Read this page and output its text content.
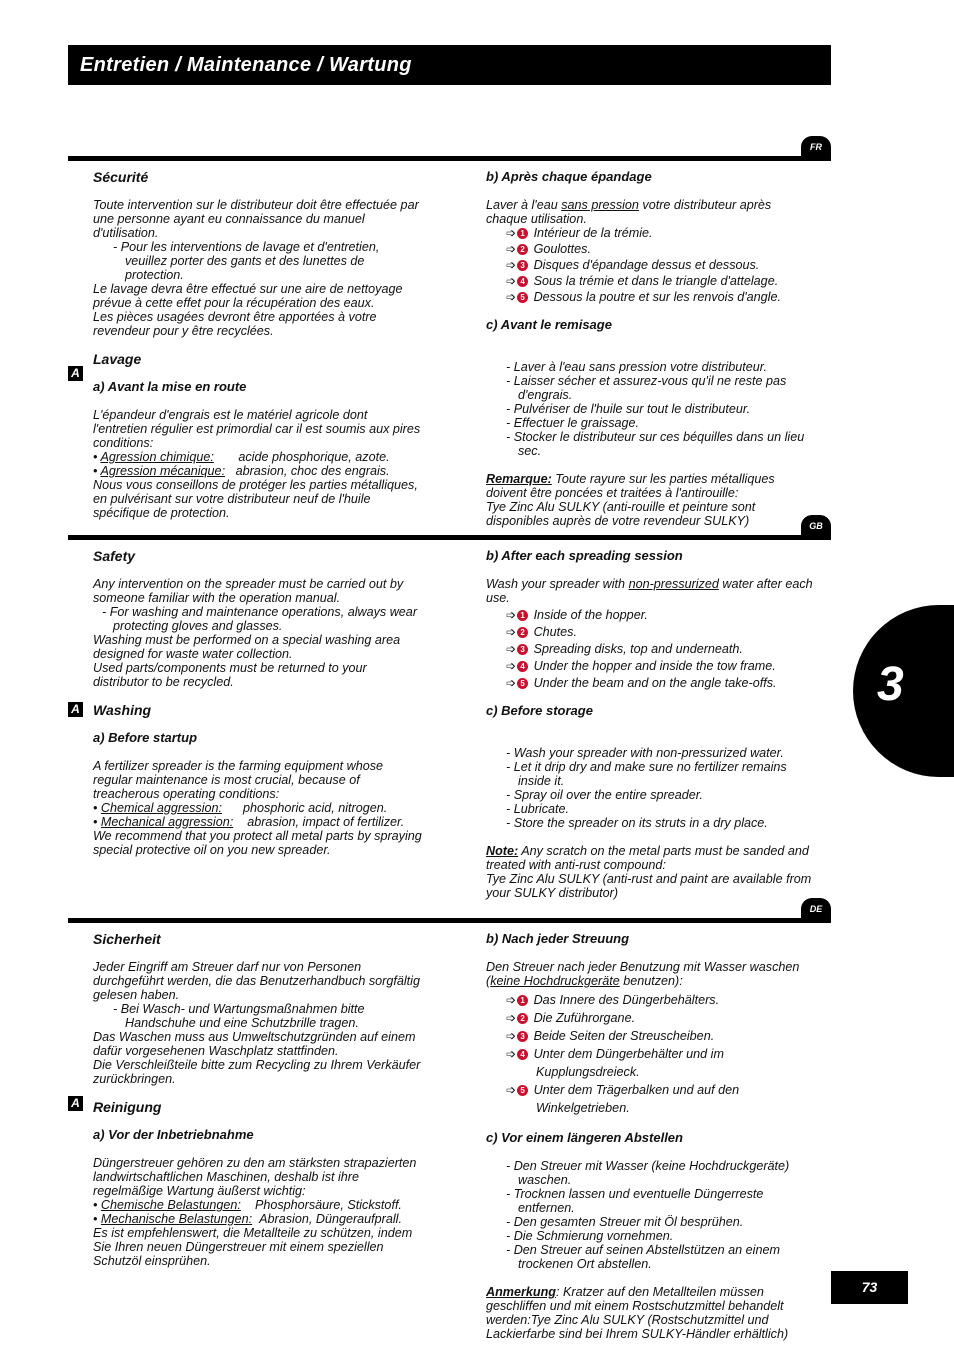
Entretien / Maintenance / Wartung
FR

Sécurité

Toute intervention sur le distributeur doit être effectuée par une personne ayant eu connaissance du manuel d'utilisation.

- Pour les interventions de lavage et d'entretien, veuillez porter des gants et des lunettes de protection.

Le lavage devra être effectué sur une aire de nettoyage prévue à cette effet pour la récupération des eaux.

Les pièces usagées devront être apportées à votre revendeur pour y être recyclées.

Lavage

a) Avant la mise en route

L'épandeur d'engrais est le matériel agricole dont l'entretien régulier est primordial car il est soumis aux pires conditions:

• Agression chimique: acide phosphorique, azote.

• Agression mécanique: abrasion, choc des engrais.

Nous vous conseillons de protéger les parties métalliques, en pulvérisant sur votre distributeur neuf de l'huile spécifique de protection.

A

b) Après chaque épandage

Laver à l'eau sans pression votre distributeur après chaque utilisation.

➩ 1 Intérieur de la trémie.

➩ 2 Goulottes.

➩ 3 Disques d'épandage dessus et dessous.

➩ 4 Sous la trémie et dans le triangle d'attelage.

➩ 5 Dessous la poutre et sur les renvois d'angle.

c) Avant le remisage

- Laver à l'eau sans pression votre distributeur.

- Laisser sécher et assurez-vous qu'il ne reste pas d'engrais.

- Pulvériser de l'huile sur tout le distributeur.

- Effectuer le graissage.

- Stocker le distributeur sur ces béquilles dans un lieu sec.

Remarque: Toute rayure sur les parties métalliques doivent être poncées et traitées à l'antirouille:

Tye Zinc Alu SULKY (anti-rouille et peinture sont disponibles auprès de votre revendeur SULKY)	GB

Safety

Any intervention on the spreader must be carried out by someone familiar with the operation manual.

- For washing and maintenance operations, always wear protecting gloves and glasses.

Washing must be performed on a special washing area designed for waste water collection.

Used parts/components must be returned to your distributor to be recycled.

Washing

a) Before startup

A fertilizer spreader is the farming equipment whose regular maintenance is most crucial, because of treacherous operating conditions:

• Chemical aggression: phosphoric acid, nitrogen.

• Mechanical aggression: abrasion, impact of fertilizer.

We recommend that you protect all metal parts by spraying special protective oil on you new spreader.

A

b) After each spreading session

Wash your spreader with non-pressurized water after each use.

➩ 1 Inside of the hopper.

➩ 2 Chutes.

➩ 3 Spreading disks, top and underneath.

➩ 4 Under the hopper and inside the tow frame.

➩ 5 Under the beam and on the angle take-offs.

c) Before storage

- Wash your spreader with non-pressurized water.

- Let it drip dry and make sure no fertilizer remains inside it.

- Spray oil over the entire spreader.

- Lubricate.

- Store the spreader on its struts in a dry place.

Note: Any scratch on the metal parts must be sanded and treated with anti-rust compound:

Tye Zinc Alu SULKY (anti-rust and paint are available from your SULKY distributor)

DE

Sicherheit

Jeder Eingriff am Streuer darf nur von Personen durchgeführt werden, die das Benutzerhandbuch sorgfältig gelesen haben.

- Bei Wasch- und Wartungsmaßnahmen bitte Handschuhe und eine Schutzbrille tragen.

Das Waschen muss aus Umweltschutzgründen auf einem dafür vorgesehenen Waschplatz stattfinden.

Die Verschleißteile bitte zum Recycling zu Ihrem Verkäufer zurückbringen.

Reinigung

a) Vor der Inbetriebnahme

Düngerstreuer gehören zu den am stärksten strapazierten landwirtschaftlichen Maschinen, deshalb ist ihre regelmäßige Wartung äußerst wichtig:

• Chemische Belastungen: Phosphorsäure, Stickstoff.

• Mechanische Belastungen: Abrasion, Düngeraufprall.

Es ist empfehlenswert, die Metallteile zu schützen, indem Sie Ihren neuen Düngerstreuer mit einem speziellen Schutzöl einsprühen.

A

b) Nach jeder Streuung

Den Streuer nach jeder Benutzung mit Wasser waschen (keine Hochdruckgeräte benutzen):

➩ 1 Das Innere des Düngerbehälters.

➩ 2 Die Zuführorgane.

➩ 3 Beide Seiten der Streuscheiben.

➩ 4 Unter dem Düngerbehälter und im Kupplungsdreieck.

➩ 5 Unter dem Trägerbalken und auf den Winkelgetrieben.

c) Vor einem längeren Abstellen

- Den Streuer mit Wasser (keine Hochdruckgeräte) waschen.

- Trocknen lassen und eventuelle Düngerreste entfernen.

- Den gesamten Streuer mit Öl besprühen.

- Die Schmierung vornehmen.

- Den Streuer auf seinen Abstellstützen an einem trockenen Ort abstellen.

Anmerkung: Kratzer auf den Metallteilen müssen geschliffen und mit einem Rostschutzmittel behandelt werden:Tye Zinc Alu SULKY (Rostschutzmittel und Lackierfarbe sind bei Ihrem SULKY-Händler erhältlich)

3
73
